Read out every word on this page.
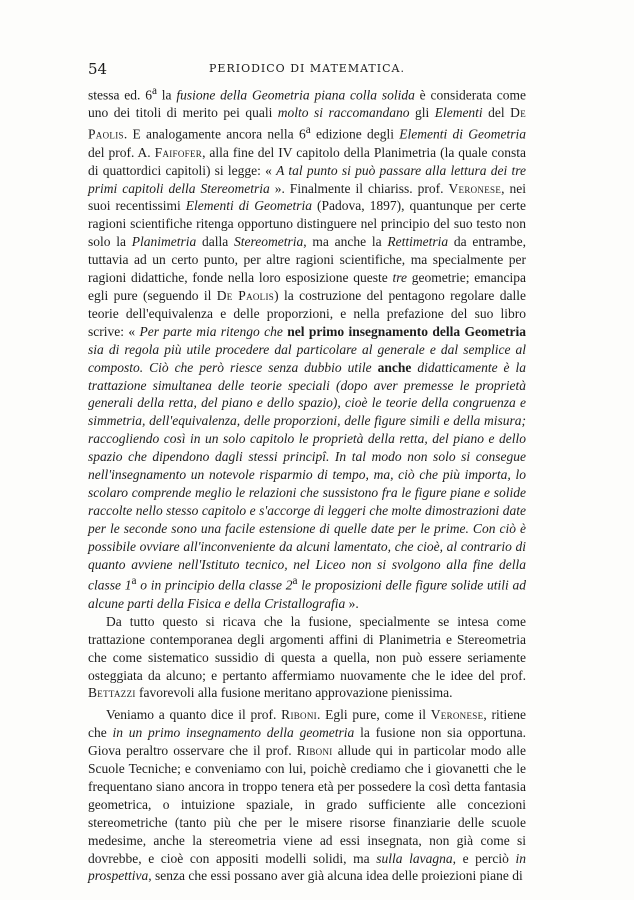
54	PERIODICO DI MATEMATICA.

stessa ed. 6$^a$ la fusione della Geometria piana colla solida è considerata come uno dei titoli di merito pei quali molto si raccomandano gli Elementi del De Paolis. E analogamente ancora nella 6$^a$ edizione degli Elementi di Geometria del prof. A. Faifofer, alla fine del IV capitolo della Planimetria (la quale consta di quattordici capitoli) si legge: « A tal punto si può passare alla lettura dei tre primi capitoli della Stereometria ». Finalmente il chiariss. prof. Veronese, nei suoi recentissimi Elementi di Geometria (Padova, 1897), quantunque per certe ragioni scientifiche ritenga opportuno distinguere nel principio del suo testo non solo la Planimetria dalla Stereometria, ma anche la Rettimetria da entrambe, tuttavia ad un certo punto, per altre ragioni scientifiche, ma specialmente per ragioni didattiche, fonde nella loro esposizione queste tre geometrie; emancipa egli pure (seguendo il De Paolis) la costruzione del pentagono regolare dalle teorie dell'equivalenza e delle proporzioni, e nella prefazione del suo libro scrive: « Per parte mia ritengo che nel primo insegnamento della Geometria sia di regola più utile procedere dal particolare al generale e dal semplice al composto. Ciò che però riesce senza dubbio utile anche didatticamente è la trattazione simultanea delle teorie speciali (dopo aver premesse le proprietà generali della retta, del piano e dello spazio), cioè le teorie della congruenza e simmetria, dell'equivalenza, delle proporzioni, delle figure simili e della misura; raccogliendo così in un solo capitolo le proprietà della retta, del piano e dello spazio che dipendono dagli stessi principî. In tal modo non solo si consegue nell'insegnamento un notevole risparmio di tempo, ma, ciò che più importa, lo scolaro comprende meglio le relazioni che sussistono fra le figure piane e solide raccolte nello stesso capitolo e s'accorge di leggeri che molte dimostrazioni date per le seconde sono una facile estensione di quelle date per le prime. Con ciò è possibile ovviare all'inconveniente da alcuni lamentato, che cioè, al contrario di quanto avviene nell'Istituto tecnico, nel Liceo non si svolgono alla fine della classe 1$^a$ o in principio della classe 2$^a$ le proposizioni delle figure solide utili ad alcune parti della Fisica e della Cristallografia ».

Da tutto questo si ricava che la fusione, specialmente se intesa come trattazione contemporanea degli argomenti affini di Planimetria e Stereometria che come sistematico sussidio di questa a quella, non può essere seriamente osteggiata da alcuno; e pertanto affermiamo nuovamente che le idee del prof. Bettazzi favorevoli alla fusione meritano approvazione pienissima.

Veniamo a quanto dice il prof. Riboni. Egli pure, come il Veronese, ritiene che in un primo insegnamento della geometria la fusione non sia opportuna. Giova peraltro osservare che il prof. Riboni allude qui in particolar modo alle Scuole Tecniche; e conveniamo con lui, poichè crediamo che i giovanetti che le frequentano siano ancora in troppo tenera età per possedere la così detta fantasia geometrica, o intuizione spaziale, in grado sufficiente alle concezioni stereometriche (tanto più che per le misere risorse finanziarie delle scuole medesime, anche la stereometria viene ad essi insegnata, non già come si dovrebbe, e cioè con appositi modelli solidi, ma sulla lavagna, e perciò in prospettiva, senza che essi possano aver già alcuna idea delle proiezioni piane di
